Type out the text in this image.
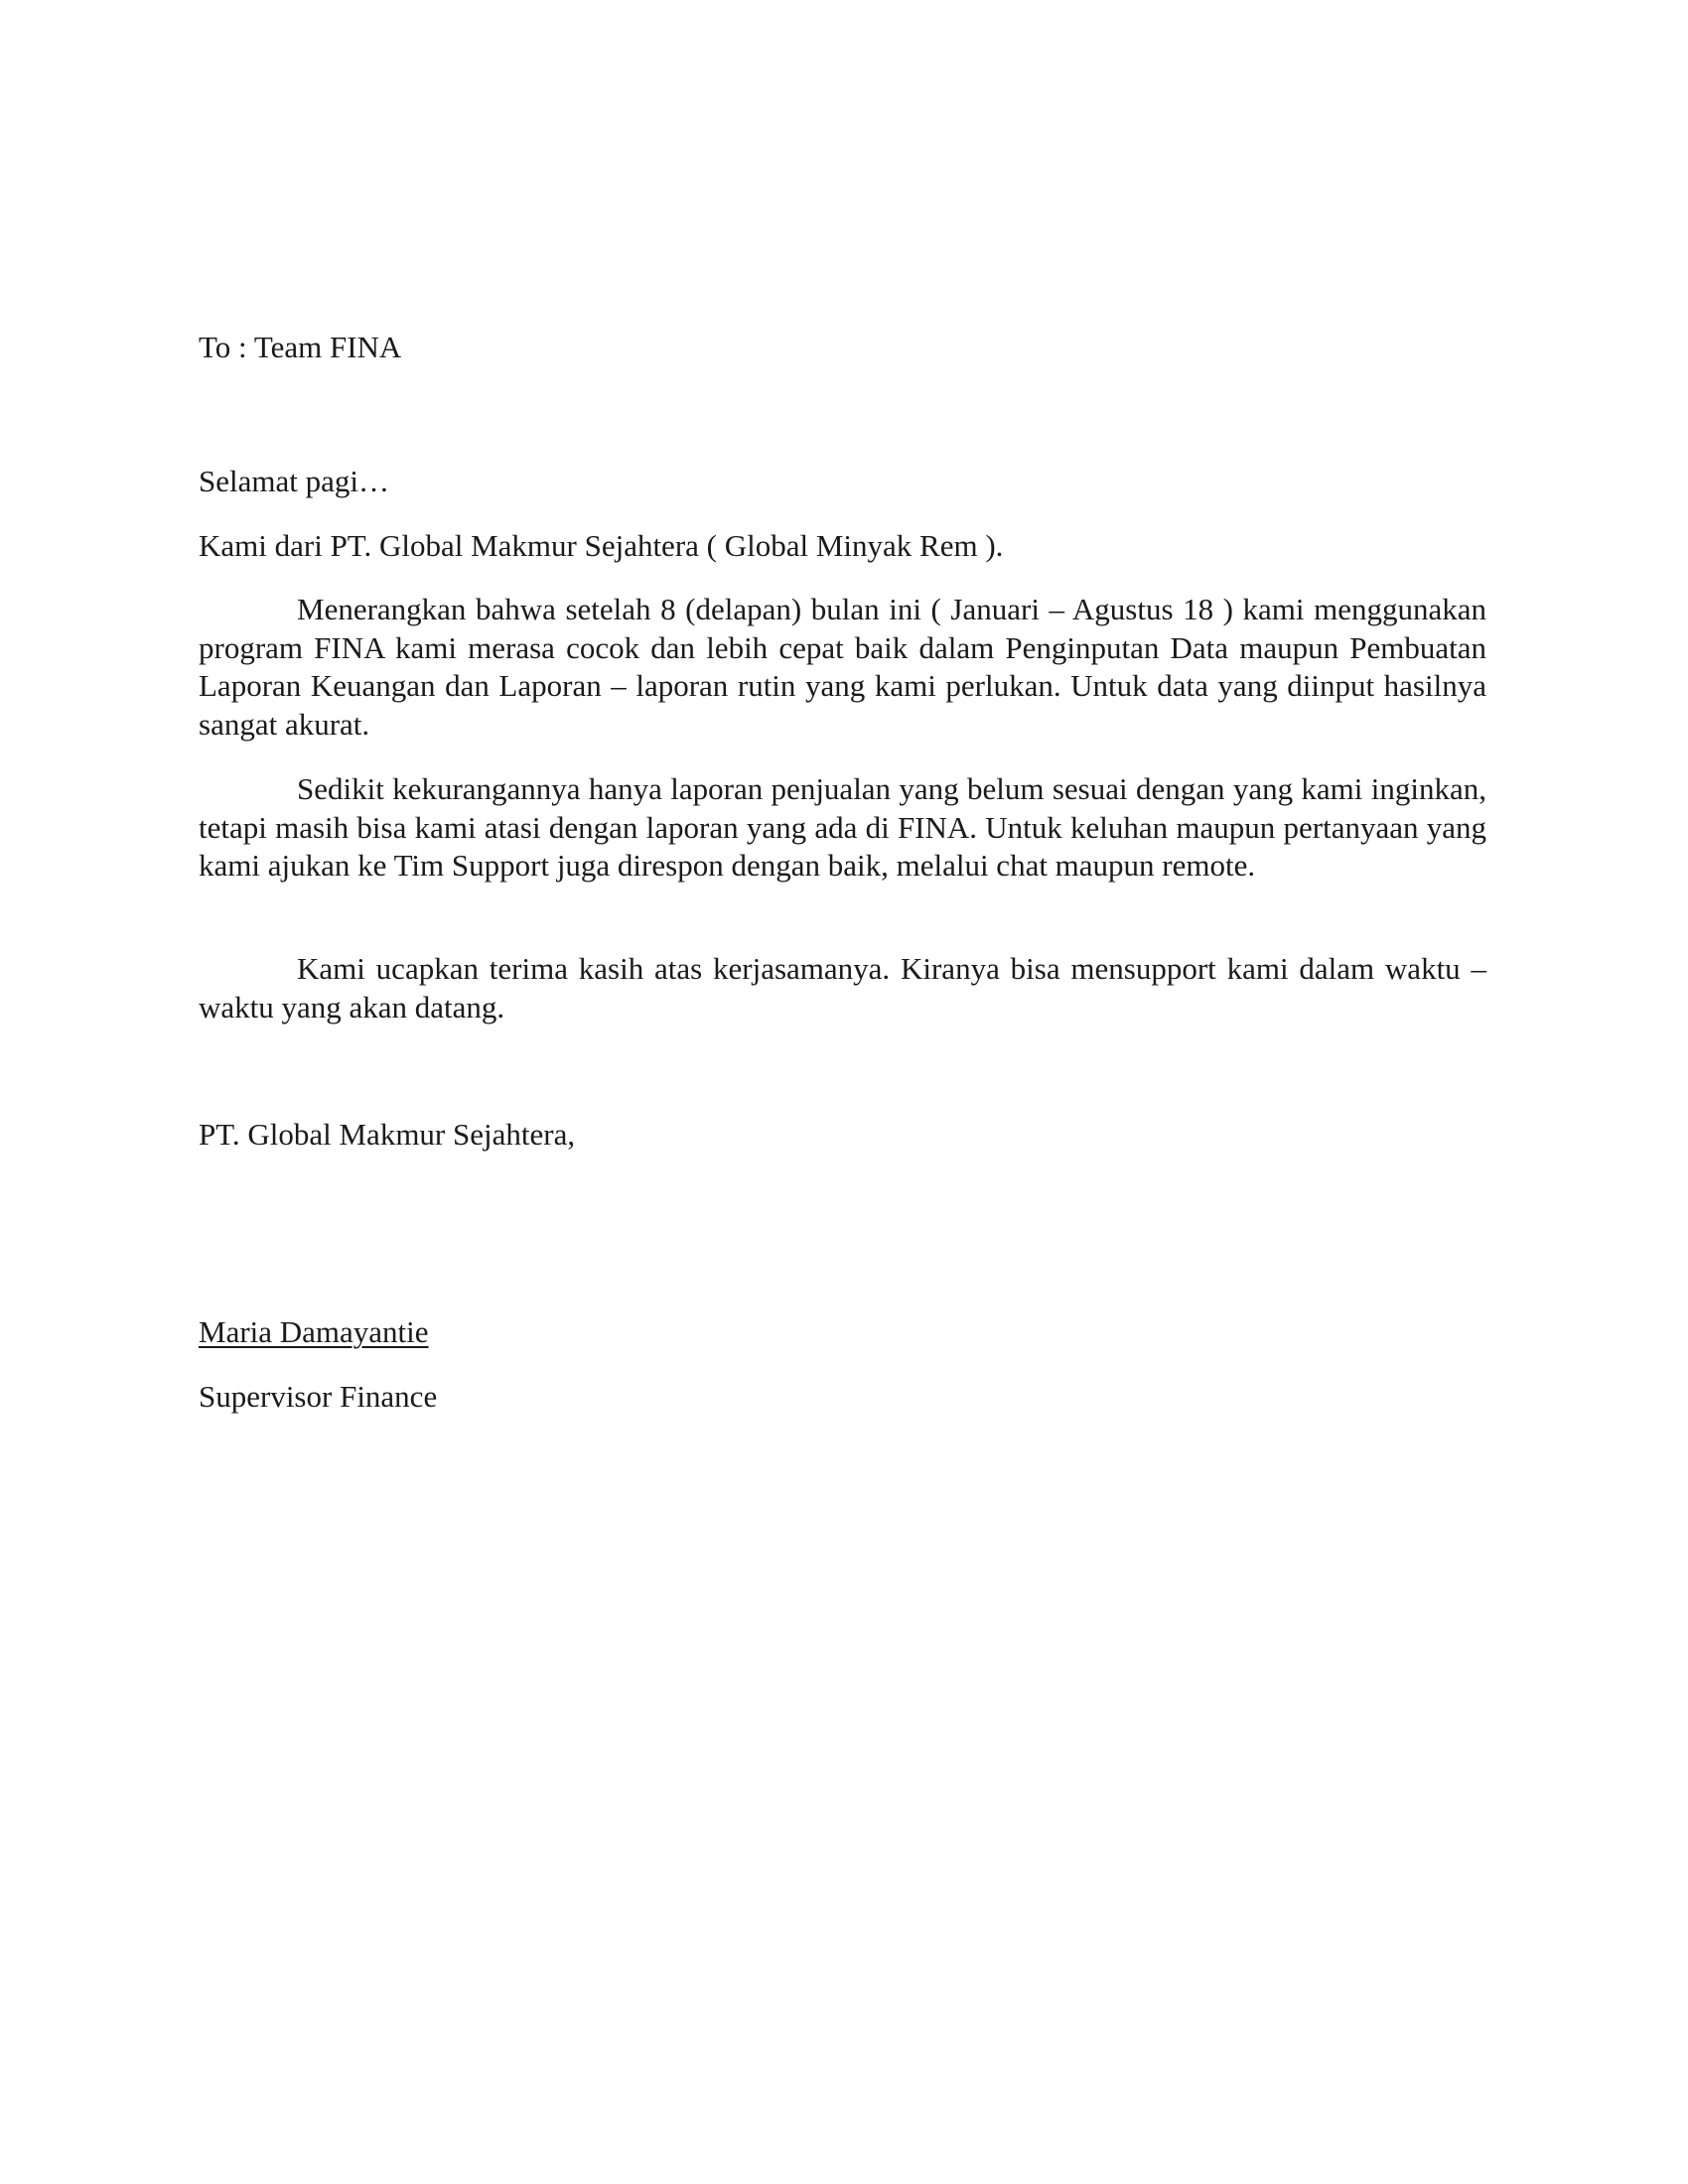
To : Team FINA
Selamat pagi…
Kami dari PT. Global Makmur Sejahtera ( Global Minyak Rem ).

Menerangkan bahwa setelah 8 (delapan) bulan ini ( Januari – Agustus 18 ) kami menggunakan program FINA kami merasa cocok dan lebih cepat baik dalam Penginputan Data maupun Pembuatan Laporan Keuangan dan Laporan – laporan rutin yang kami perlukan. Untuk data yang diinput hasilnya sangat akurat.

Sedikit kekurangannya hanya laporan penjualan yang belum sesuai dengan yang kami inginkan, tetapi masih bisa kami atasi dengan laporan yang ada di FINA. Untuk keluhan maupun pertanyaan yang kami ajukan ke Tim Support juga direspon dengan baik, melalui chat maupun remote.

Kami ucapkan terima kasih atas kerjasamanya. Kiranya bisa mensupport kami dalam waktu – waktu yang akan datang.

PT. Global Makmur Sejahtera,
Maria Damayantie
Supervisor Finance
